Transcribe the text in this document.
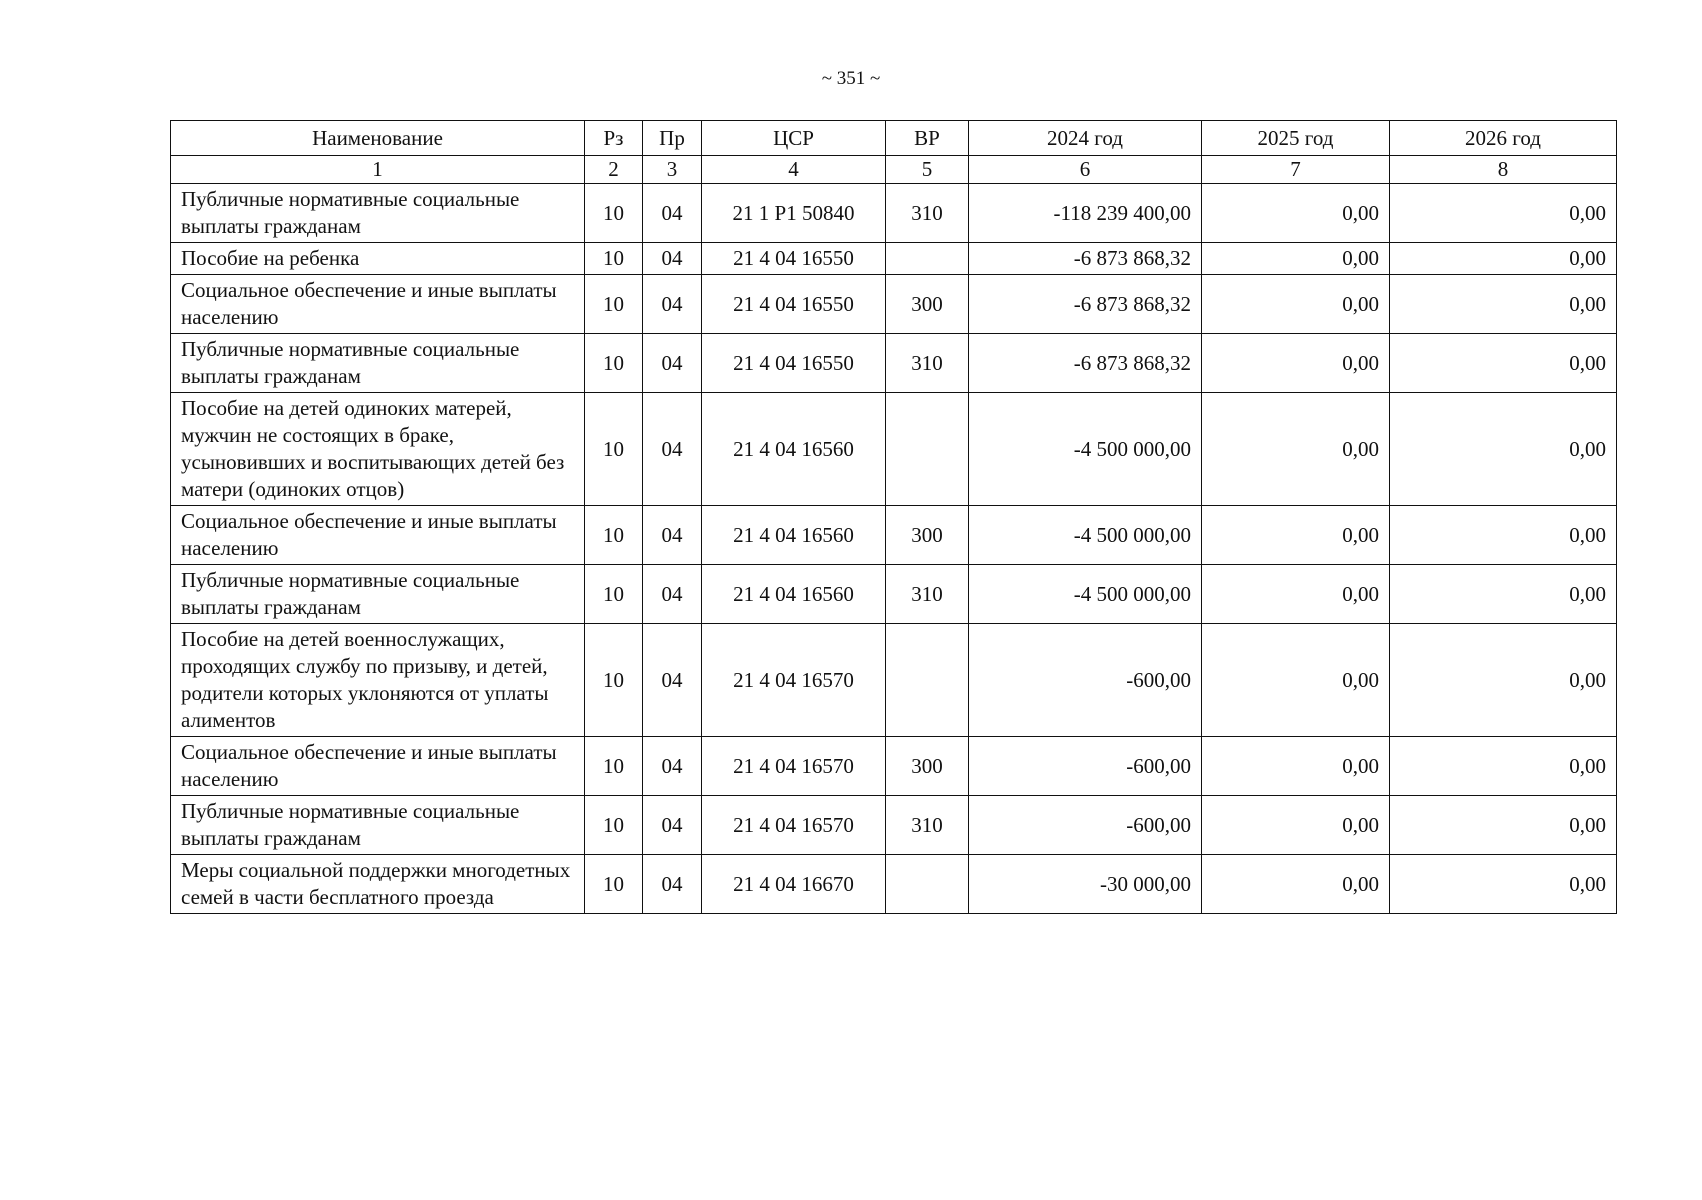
~ 351 ~
Наименование	Рз	Пр	ЦСР	ВР	2024 год	2025 год	2026 год
1	2	3	4	5	6	7	8
Публичные нормативные социальные выплаты гражданам	10	04	21 1 P1 50840	310	-118 239 400,00	0,00	0,00
Пособие на ребенка	10	04	21 4 04 16550		-6 873 868,32	0,00	0,00
Социальное обеспечение и иные выплаты населению	10	04	21 4 04 16550	300	-6 873 868,32	0,00	0,00
Публичные нормативные социальные выплаты гражданам	10	04	21 4 04 16550	310	-6 873 868,32	0,00	0,00
Пособие на детей одиноких матерей, мужчин не состоящих в браке, усыновивших и воспитывающих детей без матери (одиноких отцов)	10	04	21 4 04 16560		-4 500 000,00	0,00	0,00
Социальное обеспечение и иные выплаты населению	10	04	21 4 04 16560	300	-4 500 000,00	0,00	0,00
Публичные нормативные социальные выплаты гражданам	10	04	21 4 04 16560	310	-4 500 000,00	0,00	0,00
Пособие на детей военнослужащих, проходящих службу по призыву, и детей, родители которых уклоняются от уплаты алиментов	10	04	21 4 04 16570		-600,00	0,00	0,00
Социальное обеспечение и иные выплаты населению	10	04	21 4 04 16570	300	-600,00	0,00	0,00
Публичные нормативные социальные выплаты гражданам	10	04	21 4 04 16570	310	-600,00	0,00	0,00
Меры социальной поддержки многодетных семей в части бесплатного проезда	10	04	21 4 04 16670		-30 000,00	0,00	0,00
